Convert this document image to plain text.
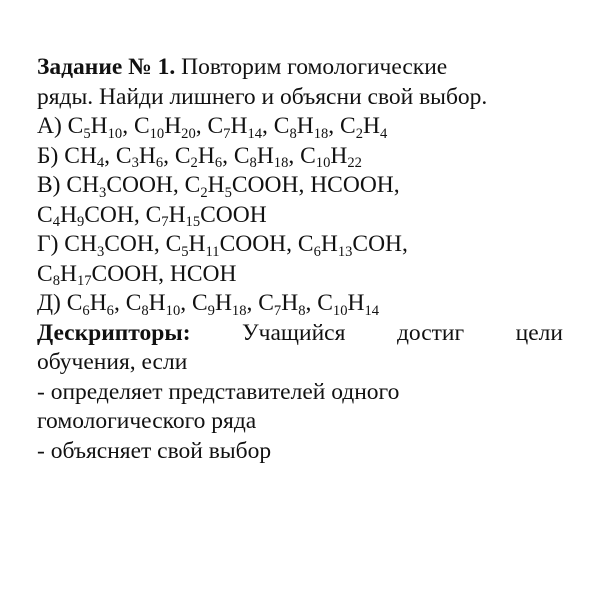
Задание № 1. Повторим гомологические
ряды. Найди лишнего и объясни свой выбор.
А) $C_5H_{10}$, $C_{10}H_{20}$, $C_7H_{14}$, $C_8H_{18}$, $C_2H_4$
Б) $CH_4$, $C_3H_6$, $C_2H_6$, $C_8H_{18}$, $C_{10}H_{22}$
В) $CH_3COOH$, $C_2H_5COOH$, HCOOH,
$C_4H_9COH$, $C_7H_{15}COOH$
Г) $CH_3COH$, $C_5H_{11}COOH$, $C_6H_{13}COH$,
$C_8H_{17}COOH$, HCOH
Д) $C_6H_6$, $C_8H_{10}$, $C_9H_{18}$, $C_7H_8$, $C_{10}H_{14}$
Дескрипторы: Учащийся достиг цели
обучения, если
- определяет представителей одного
гомологического ряда
- объясняет свой выбор
